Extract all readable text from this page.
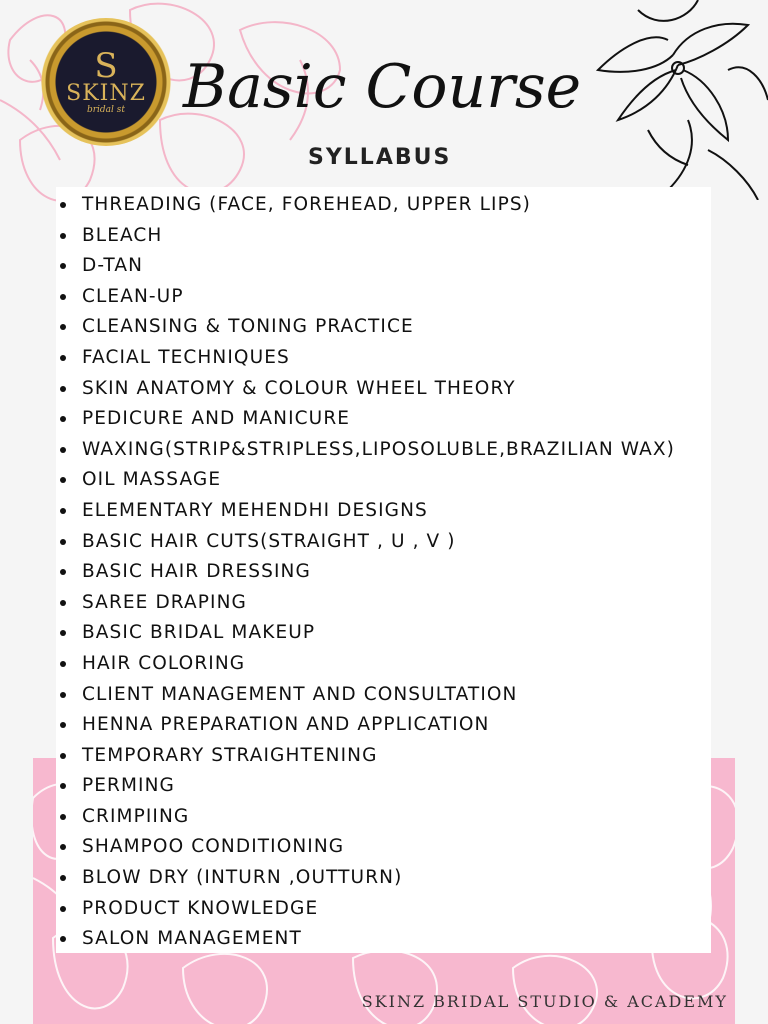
S
SKINZ
bridal st Basic Course
SYLLABUS
THREADING (FACE, FOREHEAD, UPPER LIPS)
BLEACH
D-TAN
CLEAN-UP
CLEANSING & TONING PRACTICE
FACIAL TECHNIQUES
SKIN ANATOMY & COLOUR WHEEL THEORY
PEDICURE AND MANICURE
WAXING(STRIP&STRIPLESS,LIPOSOLUBLE,BRAZILIAN WAX)
OIL MASSAGE
ELEMENTARY MEHENDHI DESIGNS
BASIC HAIR CUTS(STRAIGHT , U , V )
BASIC HAIR DRESSING
SAREE DRAPING
BASIC BRIDAL MAKEUP
HAIR COLORING
CLIENT MANAGEMENT AND CONSULTATION
HENNA PREPARATION AND APPLICATION
TEMPORARY STRAIGHTENING
PERMING
CRIMPIING
SHAMPOO CONDITIONING
BLOW DRY (INTURN ,OUTTURN)
PRODUCT KNOWLEDGE
SALON MANAGEMENT
SKINZ BRIDAL STUDIO & ACADEMY
